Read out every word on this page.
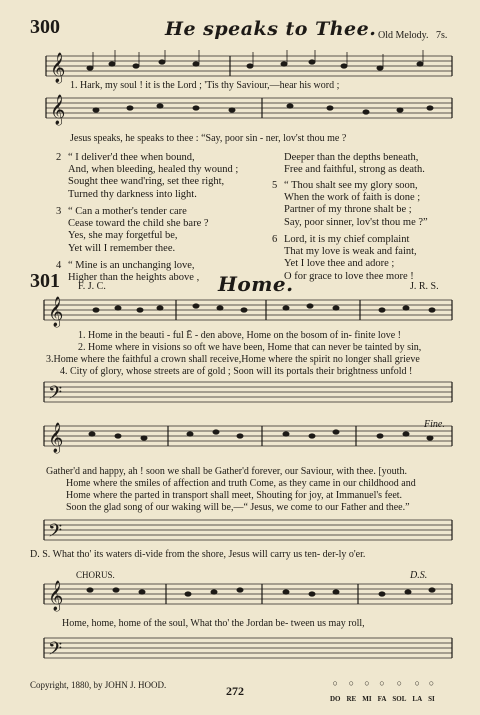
300	He speaks to Thee. Old Melody. 7s.
𝄞
1. Hark, my soul ! it is the Lord ; 'Tis thy Saviour,—hear his word ;
𝄞
Jesus speaks, he speaks to thee : “Say, poor sin - ner, lov'st thou me ?
2 “ I deliver'd thee when bound,
And, when bleeding, healed thy wound ;
Sought thee wand'ring, set thee right,
Turned thy darkness into light.
3 “ Can a mother's tender care
Cease toward the child she bare ?
Yes, she may forgetful be,
Yet will I remember thee.
4 “ Mine is an unchanging love,
Higher than the heights above ,
Deeper than the depths beneath,
Free and faithful, strong as death.
5 “ Thou shalt see my glory soon,
When the work of faith is done ;
Partner of my throne shalt be ;
Say, poor sinner, lov'st thou me ?”
6 Lord, it is my chief complaint
That my love is weak and faint,
Yet I love thee and adore ;
O for grace to love thee more !
301 F. J. C.	Home.	J. R. S.
𝄞
1. Home in the beauti - ful Ē - den above, Home on the bosom of in- finite love !
2. Home where in visions so oft we have been, Home that can never be tainted by sin,
3.Home where the faithful a crown shall receive,Home where the spirit no longer shall grieve
4. City of glory, whose streets are of gold ; Soon will its portals their brightness unfold !
𝄢
𝄞	Fine.
Gather'd and happy, ah ! soon we shall be Gather'd forever, our Saviour, with thee. [youth.
Home where the smiles of affection and truth Come, as they came in our childhood and
Home where the parted in transport shall meet, Shouting for joy, at Immanuel's feet.
Soon the glad song of our waking will be,—“ Jesus, we come to our Father and thee.”
𝄢
D. S. What tho' its waters di-vide from the shore, Jesus will carry us ten- der-ly o'er.
CHORUS.	D.S.
𝄞
Home, home, home of the soul, What tho' the Jordan be- tween us may roll,
𝄢
Copyright, 1880, by JOHN J. HOOD.	272
○
DO
○
RE
○
MI
○
FA
○
SOL
○
LA
○
SI
